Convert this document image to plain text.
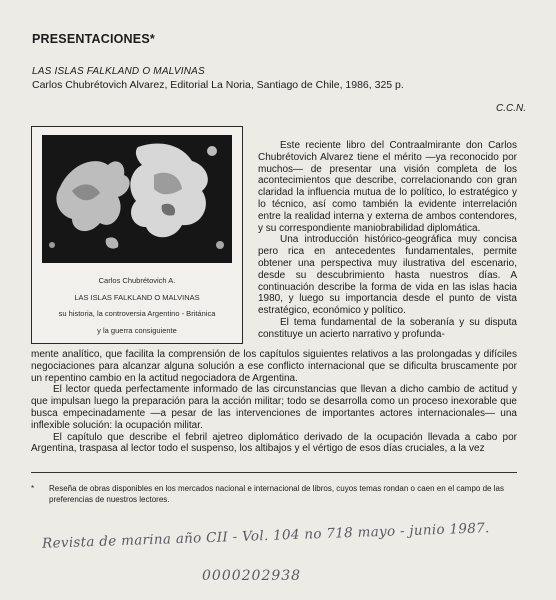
PRESENTACIONES*
LAS ISLAS FALKLAND O MALVINAS
Carlos Chubrétovich Alvarez, Editorial La Noria, Santiago de Chile, 1986, 325 p.
C.C.N.
Carlos Chubrétovich A.
LAS ISLAS FALKLAND O MALVINAS
su historia, la controversia Argentino - Británica
y la guerra consiguiente

Este reciente libro del Contraalmirante don Carlos Chubrétovich Alvarez tiene el mérito —ya reconocido por muchos— de presentar una visión completa de los acontecimientos que describe, correlacionando con gran claridad la influencia mutua de lo político, lo estratégico y lo técnico, así como también la evidente interrelación entre la realidad interna y externa de ambos contendores, y su correspondiente maniobrabilidad diplomática.

Una introducción histórico-geográfica muy concisa pero rica en antecedentes fundamentales, permite obtener una perspectiva muy ilustrativa del escenario, desde su descubrimiento hasta nuestros días. A continuación describe la forma de vida en las islas hacia 1980, y luego su importancia desde el punto de vista estratégico, económico y político.

El tema fundamental de la soberanía y su disputa constituye un acierto narrativo y profunda-

mente analítico, que facilita la comprensión de los capítulos siguientes relativos a las prolongadas y difíciles negociaciones para alcanzar alguna solución a ese conflicto internacional que se dificulta bruscamente por un repentino cambio en la actitud negociadora de Argentina.

El lector queda perfectamente informado de las circunstancias que llevan a dicho cambio de actitud y que impulsan luego la preparación para la acción militar; todo se desarrolla como un proceso inexorable que busca empecinadamente —a pesar de las intervenciones de importantes actores internacionales— una inflexible solución: la ocupación militar.

El capítulo que describe el febril ajetreo diplomático derivado de la ocupación llevada a cabo por Argentina, traspasa al lector todo el suspenso, los altibajos y el vértigo de esos días cruciales, a la vez

* Reseña de obras disponibles en los mercados nacional e internacional de libros, cuyos temas rondan o caen en el campo de las preferencias de nuestros lectores.
Revista de marina año CII - Vol. 104 no 718 mayo - junio 1987.
0000202938
